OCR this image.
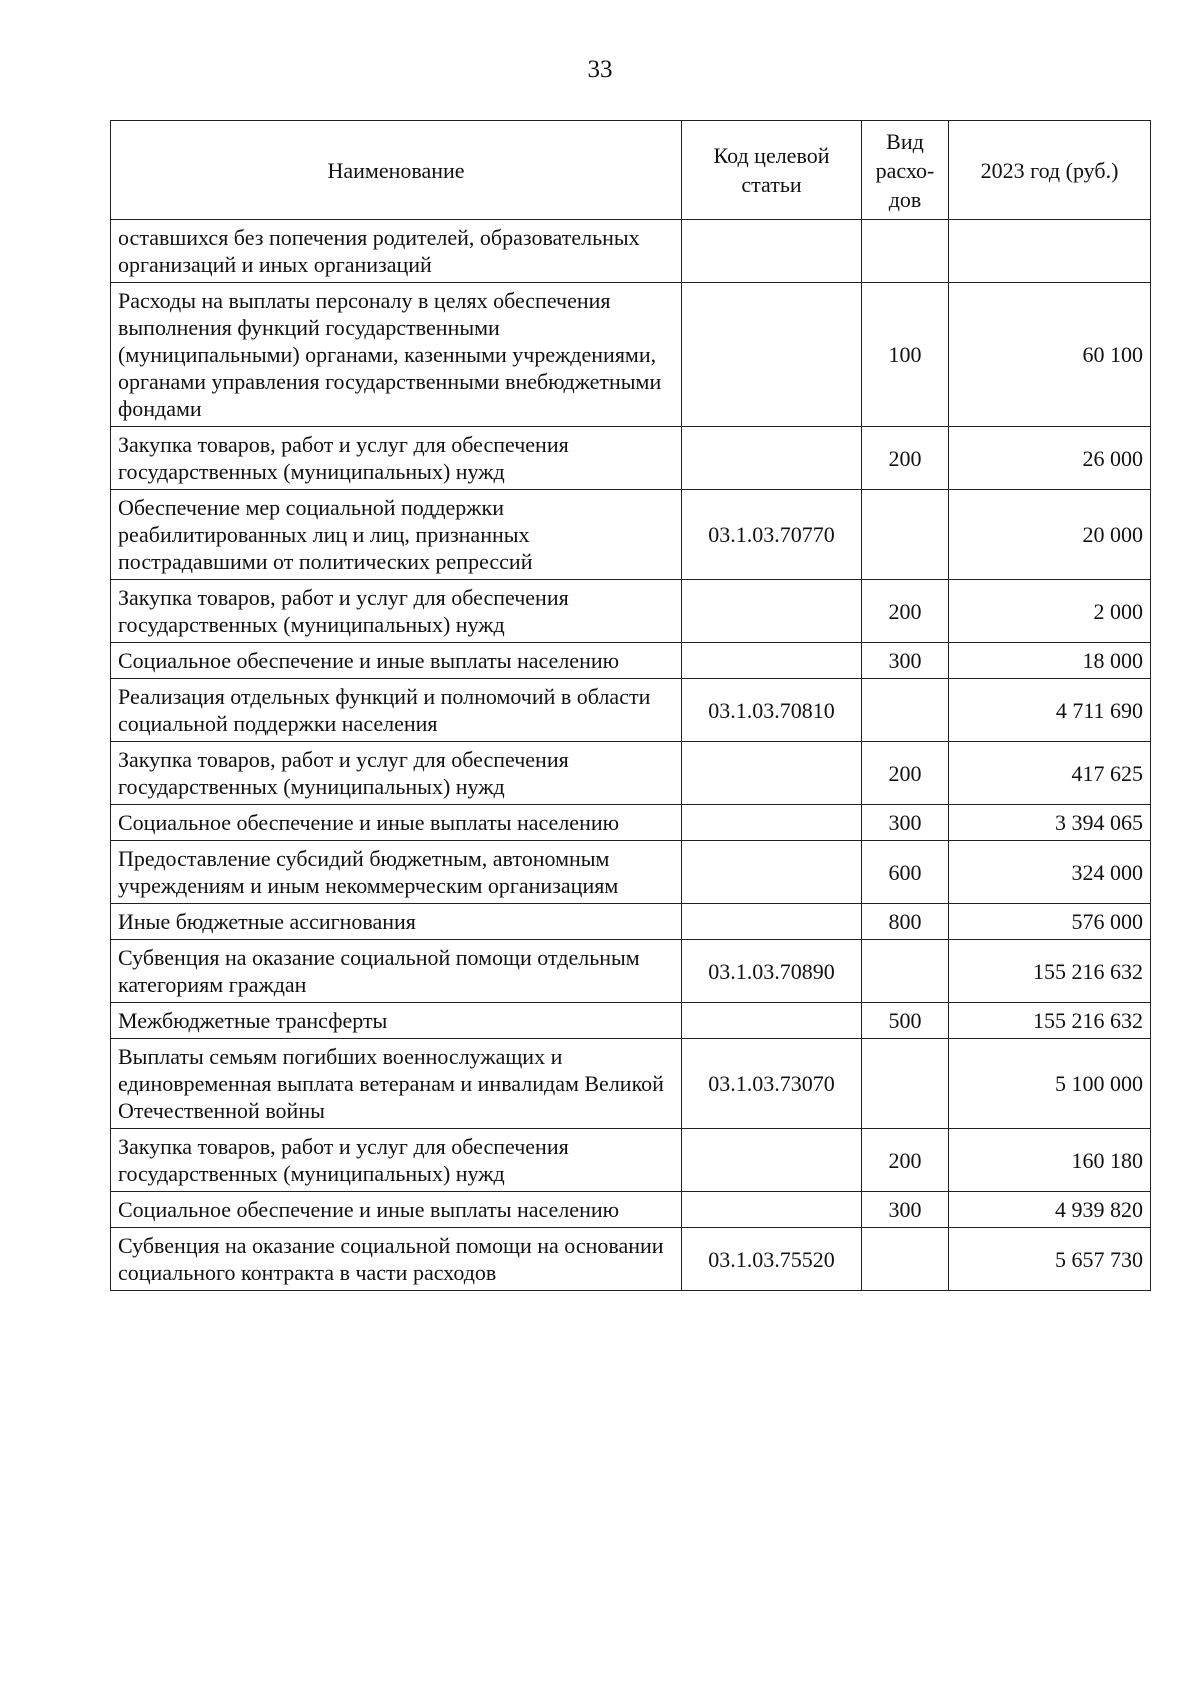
33
Наименование	Код целевой статьи	Вид расхо- дов	2023 год (руб.)
оставшихся без попечения родителей, образовательных организаций и иных организаций			
Расходы на выплаты персоналу в целях обеспечения выполнения функций государственными (муниципальными) органами, казенными учреждениями, органами управления государственными внебюджетными фондами		100	60 100
Закупка товаров, работ и услуг для обеспечения государственных (муниципальных) нужд		200	26 000
Обеспечение мер социальной поддержки реабилитированных лиц и лиц, признанных пострадавшими от политических репрессий	03.1.03.70770		20 000
Закупка товаров, работ и услуг для обеспечения государственных (муниципальных) нужд		200	2 000
Социальное обеспечение и иные выплаты населению		300	18 000
Реализация отдельных функций и полномочий в области социальной поддержки населения	03.1.03.70810		4 711 690
Закупка товаров, работ и услуг для обеспечения государственных (муниципальных) нужд		200	417 625
Социальное обеспечение и иные выплаты населению		300	3 394 065
Предоставление субсидий бюджетным, автономным учреждениям и иным некоммерческим организациям		600	324 000
Иные бюджетные ассигнования		800	576 000
Субвенция на оказание социальной помощи отдельным категориям граждан	03.1.03.70890		155 216 632
Межбюджетные трансферты		500	155 216 632
Выплаты семьям погибших военнослужащих и единовременная выплата ветеранам и инвалидам Великой Отечественной войны	03.1.03.73070		5 100 000
Закупка товаров, работ и услуг для обеспечения государственных (муниципальных) нужд		200	160 180
Социальное обеспечение и иные выплаты населению		300	4 939 820
Субвенция на оказание социальной помощи на основании социального контракта в части расходов	03.1.03.75520		5 657 730
